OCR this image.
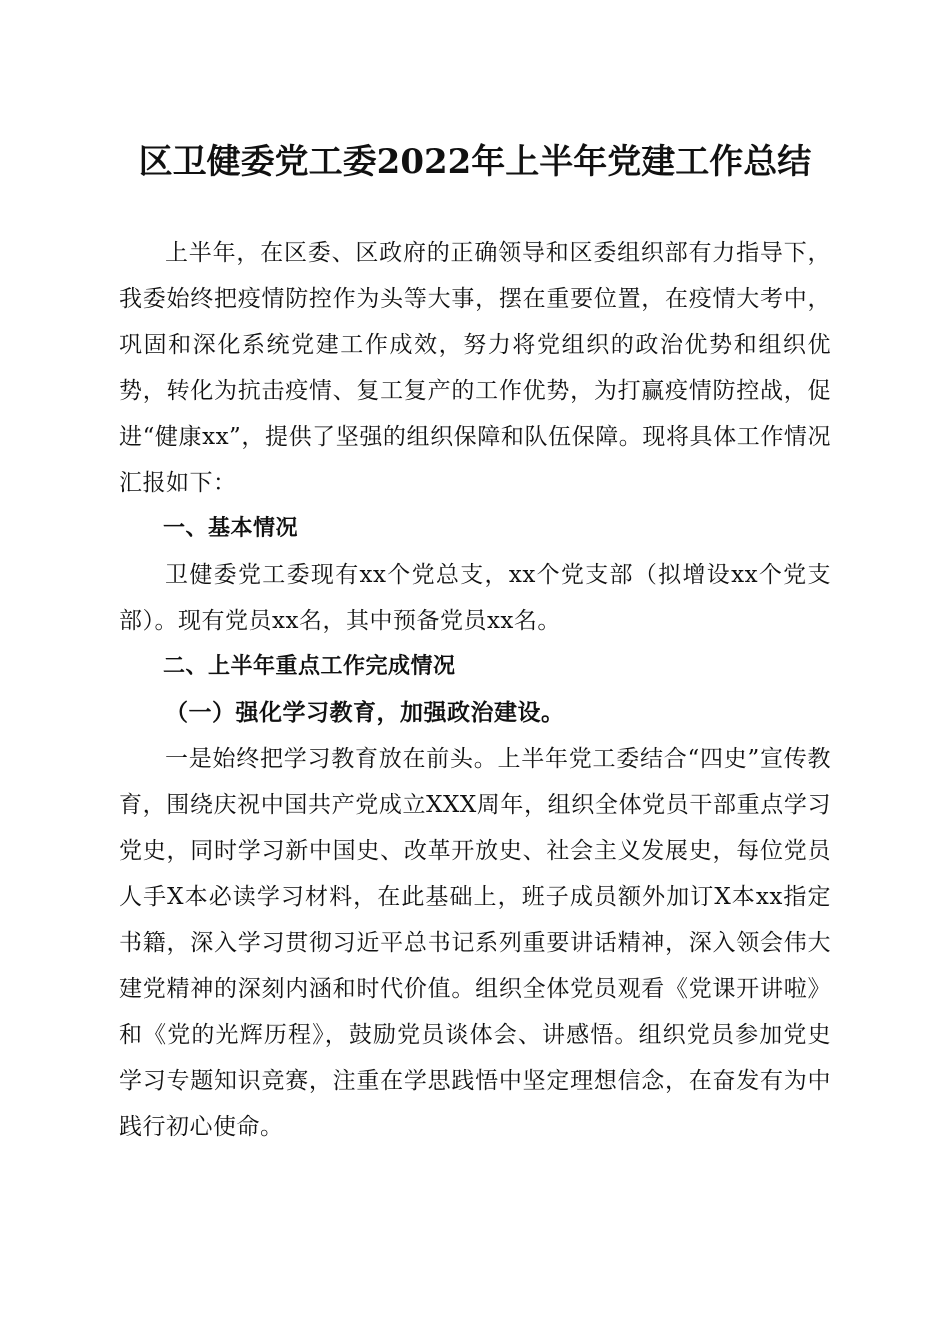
区卫健委党工委2022年上半年党建工作总结

上半年，在区委、区政府的正确领导和区委组织部有力指导下，我委始终把疫情防控作为头等大事，摆在重要位置，在疫情大考中，巩固和深化系统党建工作成效，努力将党组织的政治优势和组织优势，转化为抗击疫情、复工复产的工作优势，为打赢疫情防控战，促进“健康xx”，提供了坚强的组织保障和队伍保障。现将具体工作情况汇报如下：

一、基本情况

卫健委党工委现有xx个党总支，xx个党支部（拟增设xx个党支部）。现有党员xx名，其中预备党员xx名。

二、上半年重点工作完成情况

（一）强化学习教育，加强政治建设。

一是始终把学习教育放在前头。上半年党工委结合“四史”宣传教育，围绕庆祝中国共产党成立XXX周年，组织全体党员干部重点学习党史，同时学习新中国史、改革开放史、社会主义发展史，每位党员人手X本必读学习材料，在此基础上，班子成员额外加订X本xx指定书籍，深入学习贯彻习近平总书记系列重要讲话精神，深入领会伟大建党精神的深刻内涵和时代价值。组织全体党员观看《党课开讲啦》和《党的光辉历程》，鼓励党员谈体会、讲感悟。组织党员参加党史学习专题知识竞赛，注重在学思践悟中坚定理想信念，在奋发有为中践行初心使命。
